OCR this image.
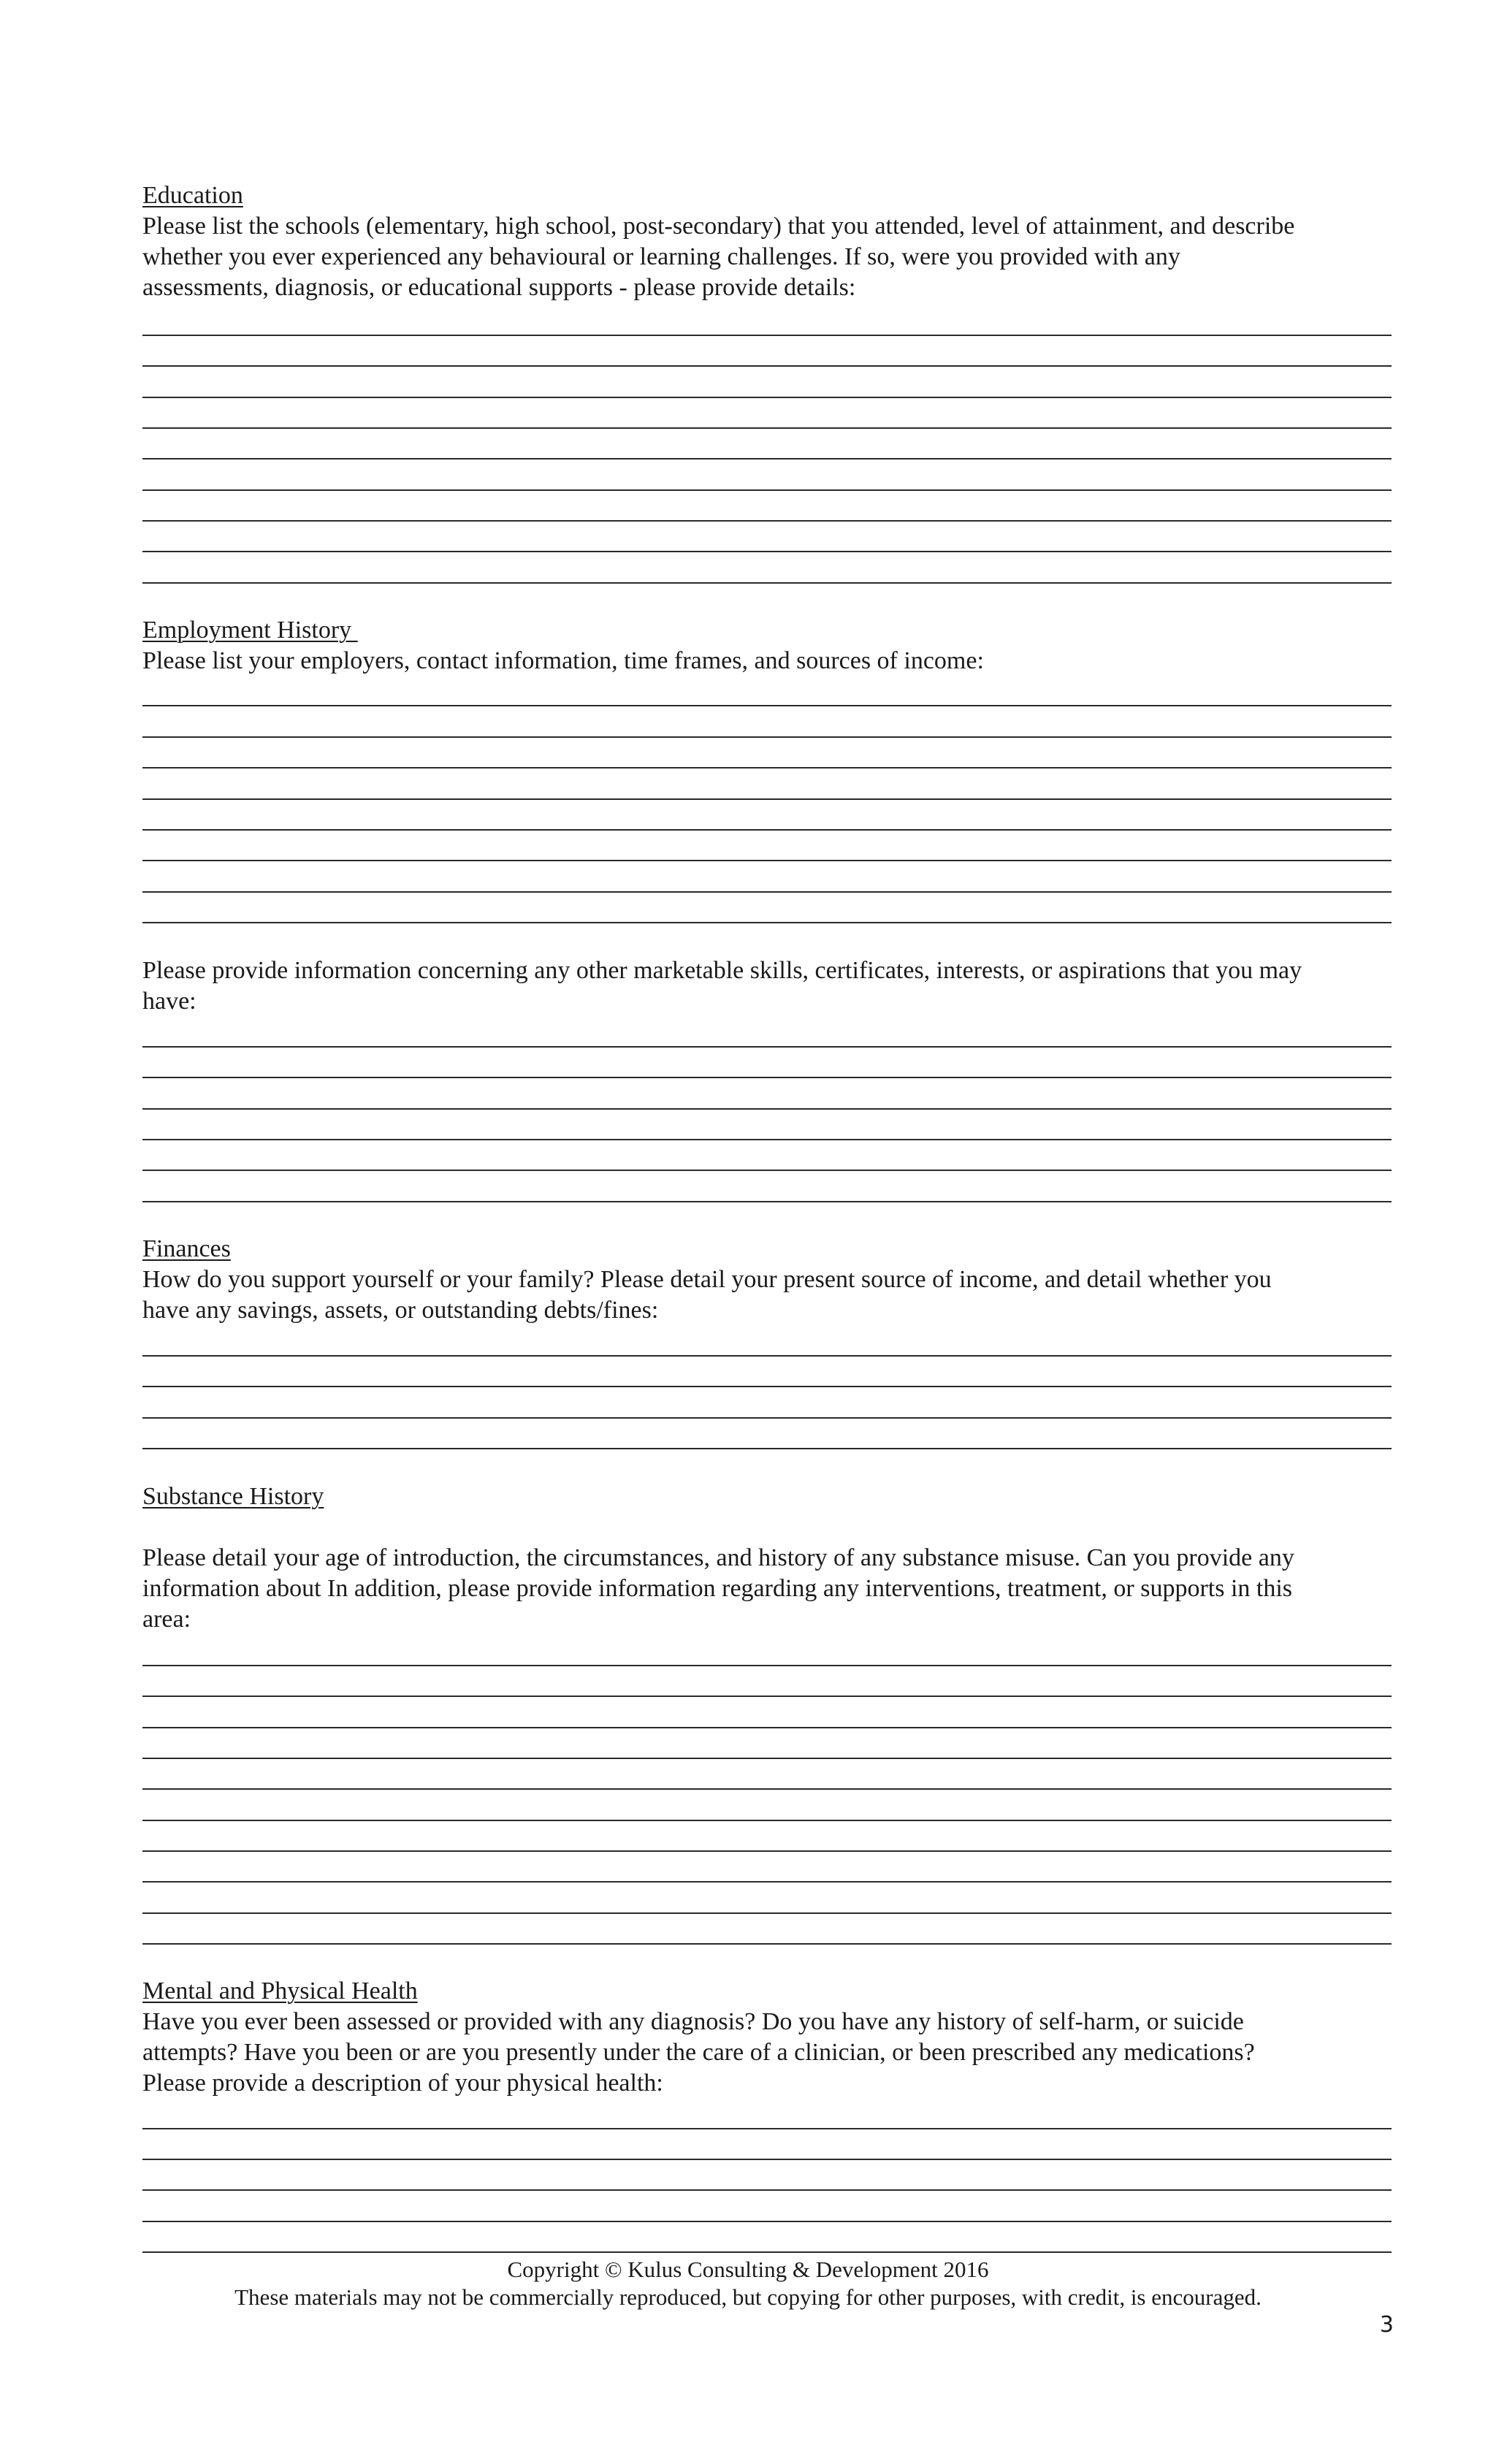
Education
Please list the schools (elementary, high school, post-secondary) that you attended, level of attainment, and describe
whether you ever experienced any behavioural or learning challenges. If so, were you provided with any
assessments, diagnosis, or educational supports - please provide details:
Employment History
Please list your employers, contact information, time frames, and sources of income:
Please provide information concerning any other marketable skills, certificates, interests, or aspirations that you may
have:
Finances
How do you support yourself or your family? Please detail your present source of income, and detail whether you
have any savings, assets, or outstanding debts/fines:
Substance History
Please detail your age of introduction, the circumstances, and history of any substance misuse. Can you provide any
information about In addition, please provide information regarding any interventions, treatment, or supports in this
area:
Mental and Physical Health
Have you ever been assessed or provided with any diagnosis? Do you have any history of self-harm, or suicide
attempts? Have you been or are you presently under the care of a clinician, or been prescribed any medications?
Please provide a description of your physical health:
Copyright © Kulus Consulting & Development 2016
These materials may not be commercially reproduced, but copying for other purposes, with credit, is encouraged.
3
